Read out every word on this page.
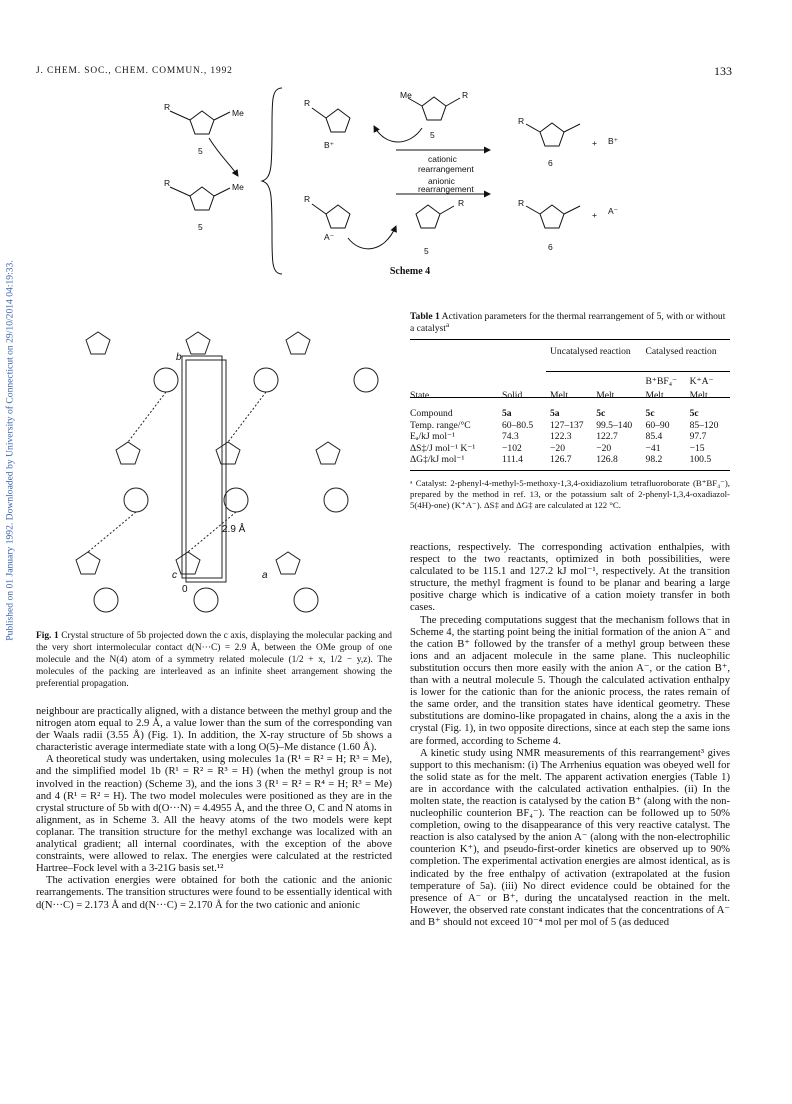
Published on 01 January 1992. Downloaded by University of Connecticut on 29/10/2014 04:19:33.
J. CHEM. SOC., CHEM. COMMUN., 1992	133
R
Me
5
R	Me
5
R
B⁺
Me	R
5
cationic
rearrangement
anionic
rearrangement
R
6
+ B⁺
R
A⁻
R
5
R
6
+ A⁻
Scheme 4
b
2.9 Å
c	a
0
Fig. 1 Crystal structure of 5b projected down the c axis, displaying the molecular packing and the very short intermolecular contact d(N···C) = 2.9 Å, between the OMe group of one molecule and the N(4) atom of a symmetry related molecule (1/2 + x, 1/2 − y,z). The molecules of the packing are interleaved as an infinite sheet arrangement showing the preferential propagation.
Table 1 Activation parameters for the thermal rearrangement of 5, with or without a catalyst$^a$
		Uncatalysed reaction		Catalysed reaction	
				B⁺BF₄⁻	K⁺A⁻
State	Solid	Melt	Melt	Melt	Melt
Compound	5a	5a	5c	5c	5c
Temp. range/°C	60–80.5	127–137	99.5–140	60–90	85–120
Eₐ/kJ mol⁻¹	74.3	122.3	122.7	85.4	97.7
ΔS‡/J mol⁻¹ K⁻¹	−102	−20	−20	−41	−15
ΔG‡/kJ mol⁻¹	111.4	126.7	126.8	98.2	100.5
ᵃ Catalyst: 2-phenyl-4-methyl-5-methoxy-1,3,4-oxidiazolium tetrafluoroborate (B⁺BF₄⁻), prepared by the method in ref. 13, or the potassium salt of 2-phenyl-1,3,4-oxadiazol-5(4H)-one) (K⁺A⁻). ΔS‡ and ΔG‡ are calculated at 122 °C.

neighbour are practically aligned, with a distance between the methyl group and the nitrogen atom equal to 2.9 Å, a value lower than the sum of the corresponding van der Waals radii (3.55 Å) (Fig. 1). In addition, the X-ray structure of 5b shows a characteristic average intermediate state with a long O(5)–Me distance (1.60 Å).

A theoretical study was undertaken, using molecules 1a (R¹ = R² = H; R³ = Me), and the simplified model 1b (R¹ = R² = R³ = H) (when the methyl group is not involved in the reaction) (Scheme 3), and the ions 3 (R¹ = R² = R⁴ = H; R³ = Me) and 4 (R¹ = R² = H). The two model molecules were positioned as they are in the crystal structure of 5b with d(O···N) = 4.4955 Å, and the three O, C and N atoms in alignment, as in Scheme 3. All the heavy atoms of the two models were kept coplanar. The transition structure for the methyl exchange was localized with an analytical gradient; all internal coordinates, with the exception of the above constraints, were allowed to relax. The energies were calculated at the restricted Hartree–Fock level with a 3-21G basis set.¹²

The activation energies were obtained for both the cationic and the anionic rearrangements. The transition structures were found to be essentially identical with d(N···C) = 2.173 Å and d(N···C) = 2.170 Å for the two cationic and anionic

reactions, respectively. The corresponding activation enthalpies, with respect to the two reactants, optimized in both possibilities, were calculated to be 115.1 and 127.2 kJ mol⁻¹, respectively. At the transition structure, the methyl fragment is found to be planar and bearing a large positive charge which is indicative of a cation moiety transfer in both cases.

The preceding computations suggest that the mechanism follows that in Scheme 4, the starting point being the initial formation of the anion A⁻ and the cation B⁺ followed by the transfer of a methyl group between these ions and an adjacent molecule in the same plane. This nucleophilic substitution occurs then more easily with the anion A⁻, or the cation B⁺, than with a neutral molecule 5. Though the calculated activation enthalpy is lower for the cationic than for the anionic process, the rates remain of the same order, and the transition states have identical geometry. These substitutions are domino-like propagated in chains, along the a axis in the crystal (Fig. 1), in two opposite directions, since at each step the same ions are formed, according to Scheme 4.

A kinetic study using NMR measurements of this rearrangement³ gives support to this mechanism: (i) The Arrhenius equation was obeyed well for the solid state as for the melt. The apparent activation energies (Table 1) are in accordance with the calculated activation enthalpies. (ii) In the molten state, the reaction is catalysed by the cation B⁺ (along with the non-nucleophilic counterion BF₄⁻). The reaction can be followed up to 50% completion, owing to the disappearance of this very reactive catalyst. The reaction is also catalysed by the anion A⁻ (along with the non-electrophilic counterion K⁺), and pseudo-first-order kinetics are observed up to 90% completion. The experimental activation energies are almost identical, as is indicated by the free enthalpy of activation (extrapolated at the fusion temperature of 5a). (iii) No direct evidence could be obtained for the presence of A⁻ or B⁺, during the uncatalysed reaction in the melt. However, the observed rate constant indicates that the concentrations of A⁻ and B⁺ should not exceed 10⁻⁴ mol per mol of 5 (as deduced
